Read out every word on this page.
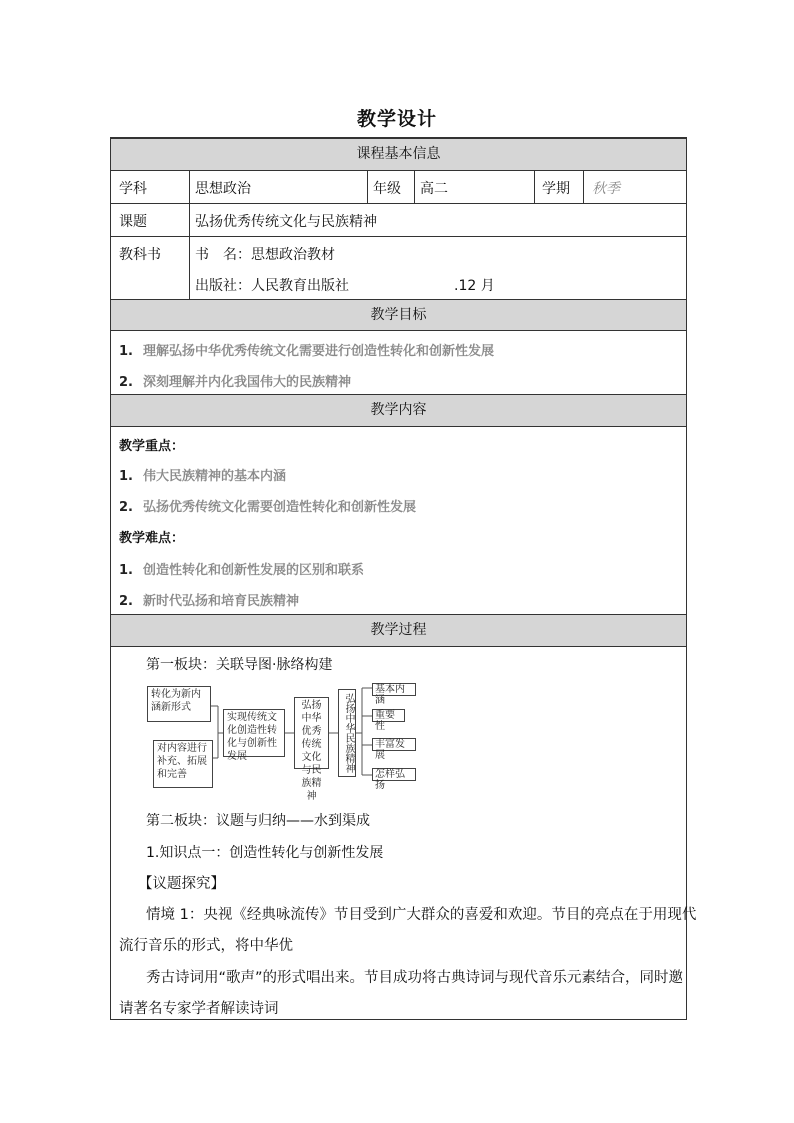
教学设计
课程基本信息
学科	思想政治	年级 高二	学期 秋季
课题	弘扬优秀传统文化与民族精神
教科书 书　名：思想政治教材
出版社：人民教育出版社	.12 月
教学目标
1. 理解弘扬中华优秀传统文化需要进行创造性转化和创新性发展
2. 深刻理解并内化我国伟大的民族精神
教学内容
教学重点：
1. 伟大民族精神的基本内涵
2. 弘扬优秀传统文化需要创造性转化和创新性发展
教学难点：
1. 创造性转化和创新性发展的区别和联系
2. 新时代弘扬和培育民族精神
教学过程
第一板块：关联导图·脉络构建
转化为新内涵新形式
对内容进行补充、拓展和完善
实现传统文化创造性转化与创新性发展
弘扬中华优秀传统文化与民族精神
弘扬中华民族精神
基本内涵
重要性
丰富发展
怎样弘扬
第二板块：议题与归纳——水到渠成
1.知识点一：创造性转化与创新性发展
【议题探究】
情境 1：央视《经典咏流传》节目受到广大群众的喜爱和欢迎。节目的亮点在于用现代
流行音乐的形式，将中华优
秀古诗词用“歌声”的形式唱出来。节目成功将古典诗词与现代音乐元素结合，同时邀
请著名专家学者解读诗词
